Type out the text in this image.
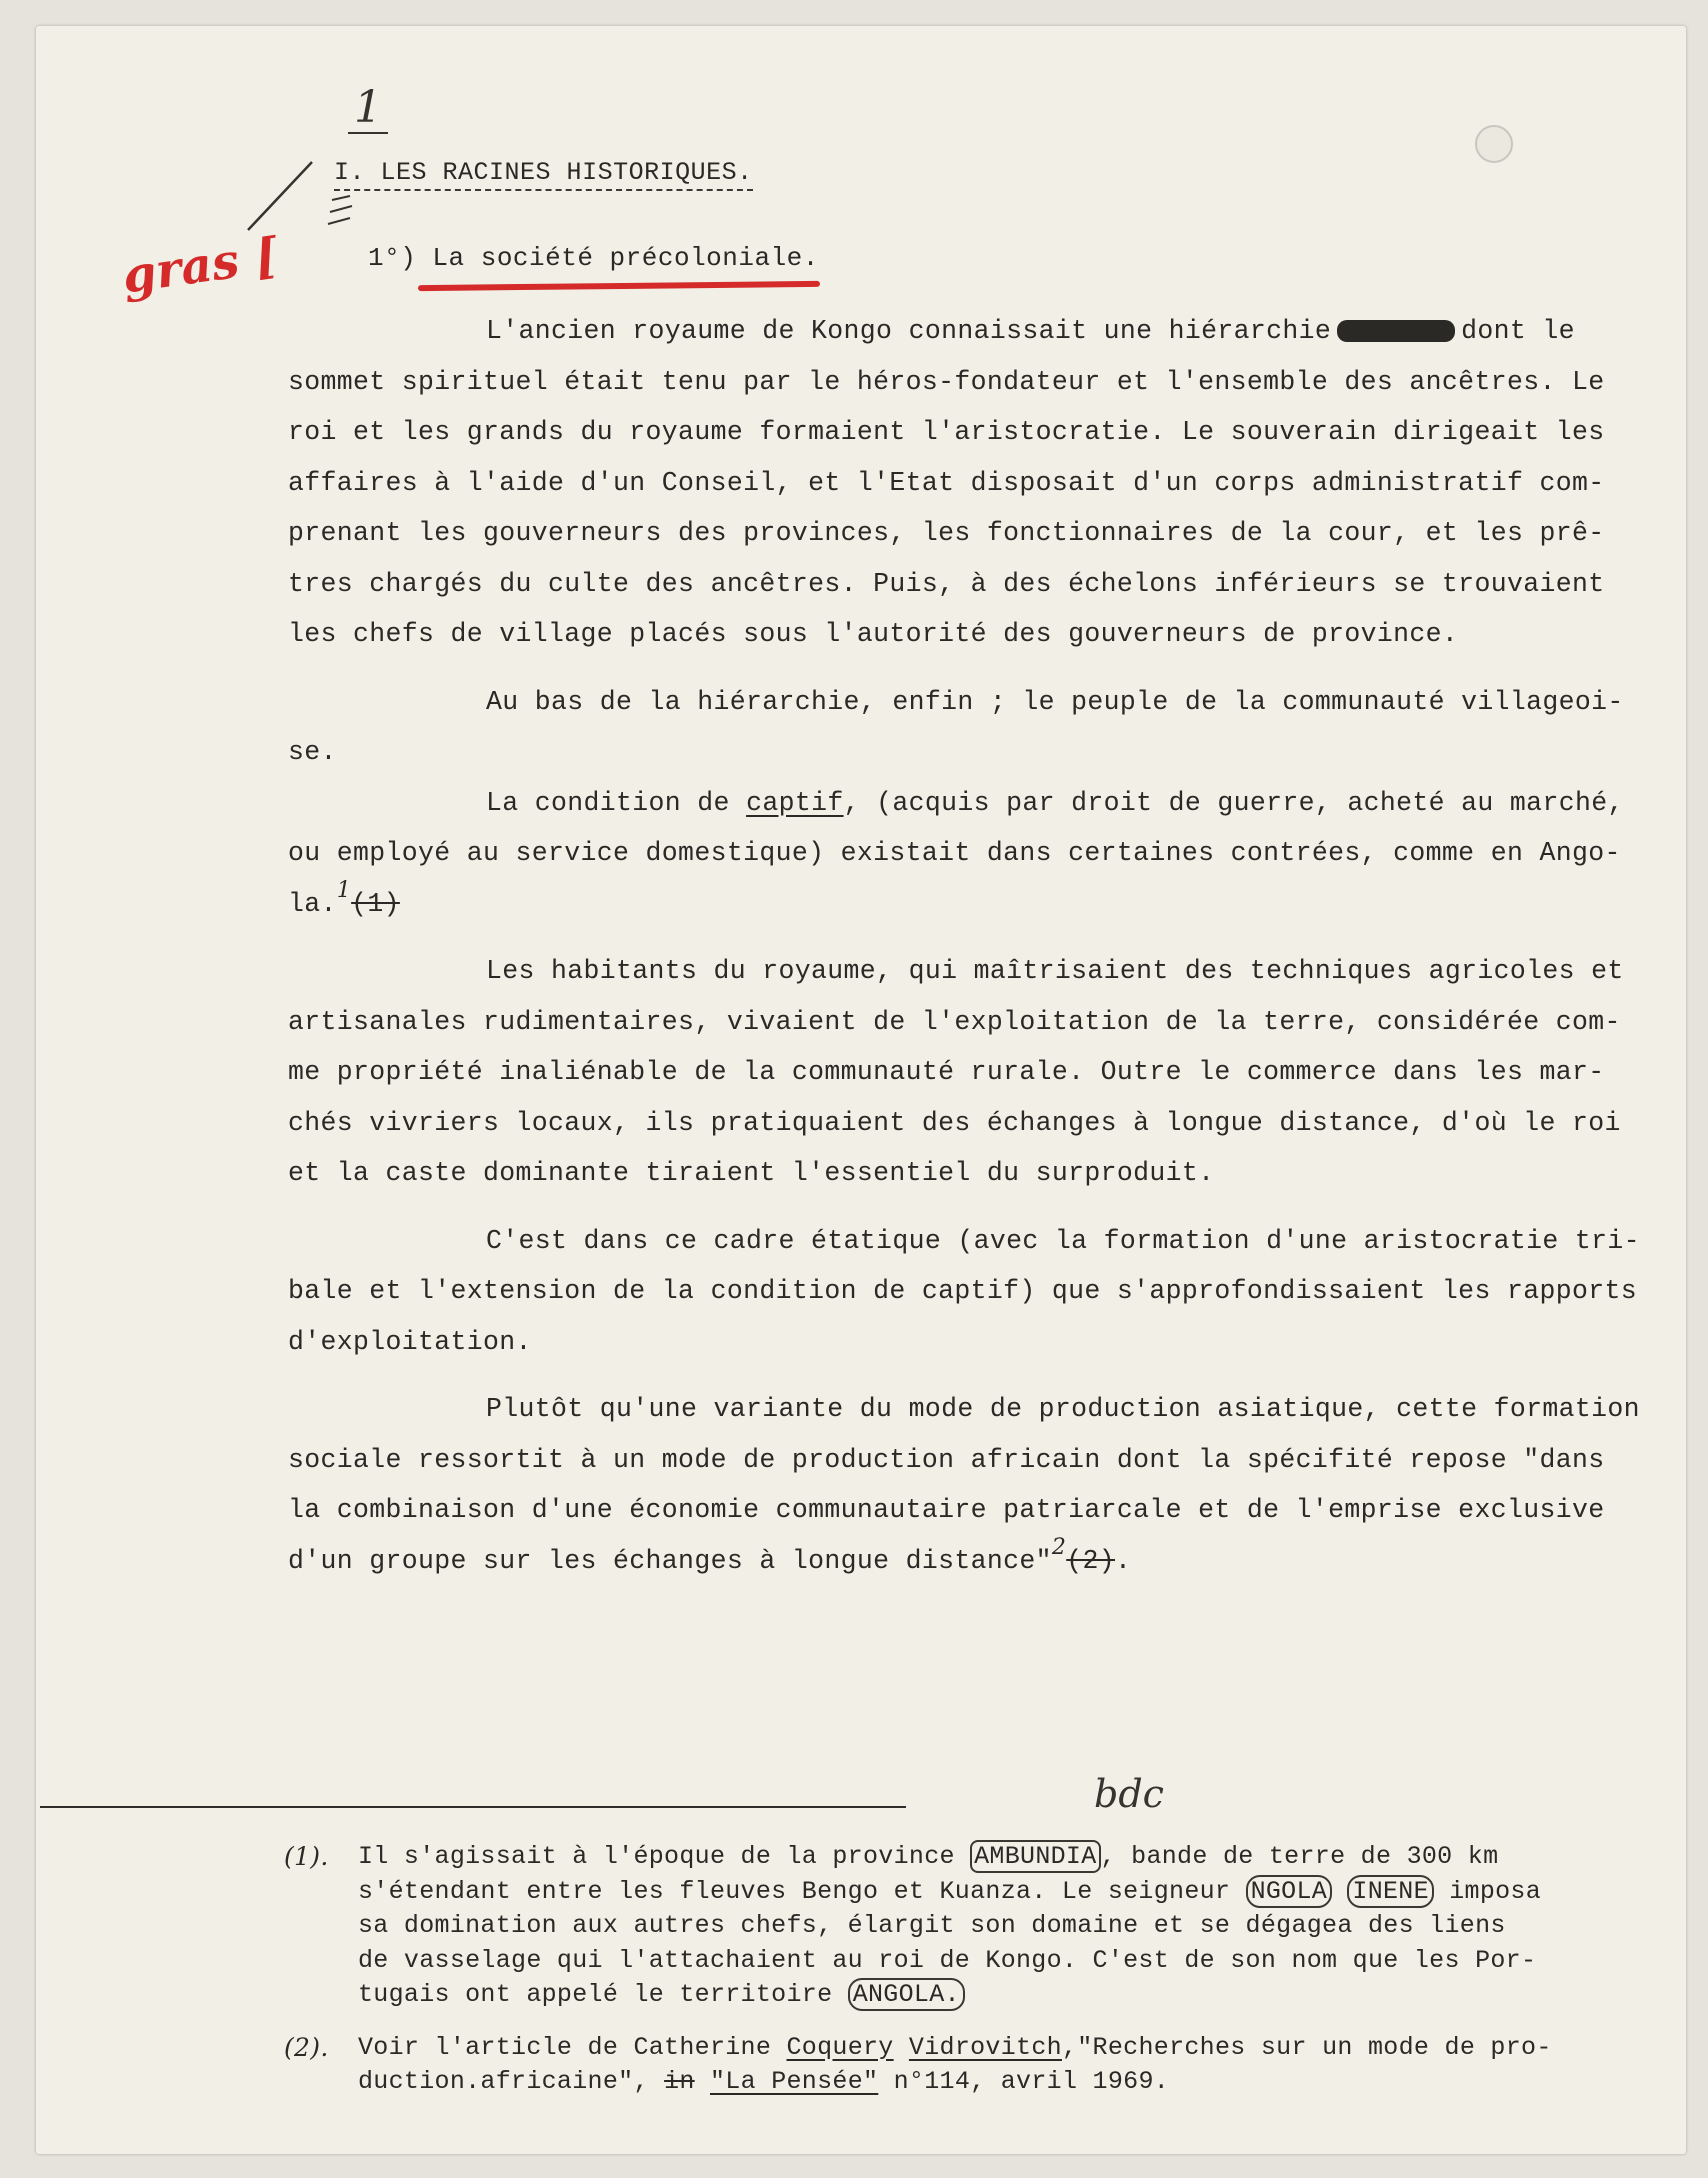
1
gras [
I. LES RACINES HISTORIQUES.
1°) La société précoloniale.
L'ancien royaume de Kongo connaissait une hiérarchie	dont le
sommet spirituel était tenu par le héros-fondateur et l'ensemble des ancêtres. Le
roi et les grands du royaume formaient l'aristocratie. Le souverain dirigeait les
affaires à l'aide d'un Conseil, et l'Etat disposait d'un corps administratif com-
prenant les gouverneurs des provinces, les fonctionnaires de la cour, et les prê-
tres chargés du culte des ancêtres. Puis, à des échelons inférieurs se trouvaient
les chefs de village placés sous l'autorité des gouverneurs de province.
Au bas de la hiérarchie, enfin ; le peuple de la communauté villageoi-
se.
La condition de captif, (acquis par droit de guerre, acheté au marché,
ou employé au service domestique) existait dans certaines contrées, comme en Ango-
la.$^1$(1)
Les habitants du royaume, qui maîtrisaient des techniques agricoles et
artisanales rudimentaires, vivaient de l'exploitation de la terre, considérée com-
me propriété inaliénable de la communauté rurale. Outre le commerce dans les mar-
chés vivriers locaux, ils pratiquaient des échanges à longue distance, d'où le roi
et la caste dominante tiraient l'essentiel du surproduit.
C'est dans ce cadre étatique (avec la formation d'une aristocratie tri-
bale et l'extension de la condition de captif) que s'approfondissaient les rapports
d'exploitation.
Plutôt qu'une variante du mode de production asiatique, cette formation
sociale ressortit à un mode de production africain dont la spécifité repose "dans
la combinaison d'une économie communautaire patriarcale et de l'emprise exclusive
d'un groupe sur les échanges à longue distance"$^2$(2).
bdc
(1).	Il s'agissait à l'époque de la province AMBUNDIA , bande de terre de 300 km
s'étendant entre les fleuves Bengo et Kuanza. Le seigneur NGOLA INENE imposa
sa domination aux autres chefs, élargit son domaine et se dégagea des liens
de vasselage qui l'attachaient au roi de Kongo. C'est de son nom que les Por-
tugais ont appelé le territoire ANGOLA.
(2).	Voir l'article de Catherine Coquery Vidrovitch,"Recherches sur un mode de pro-
duction.africaine", in "La Pensée" n°114, avril 1969.
